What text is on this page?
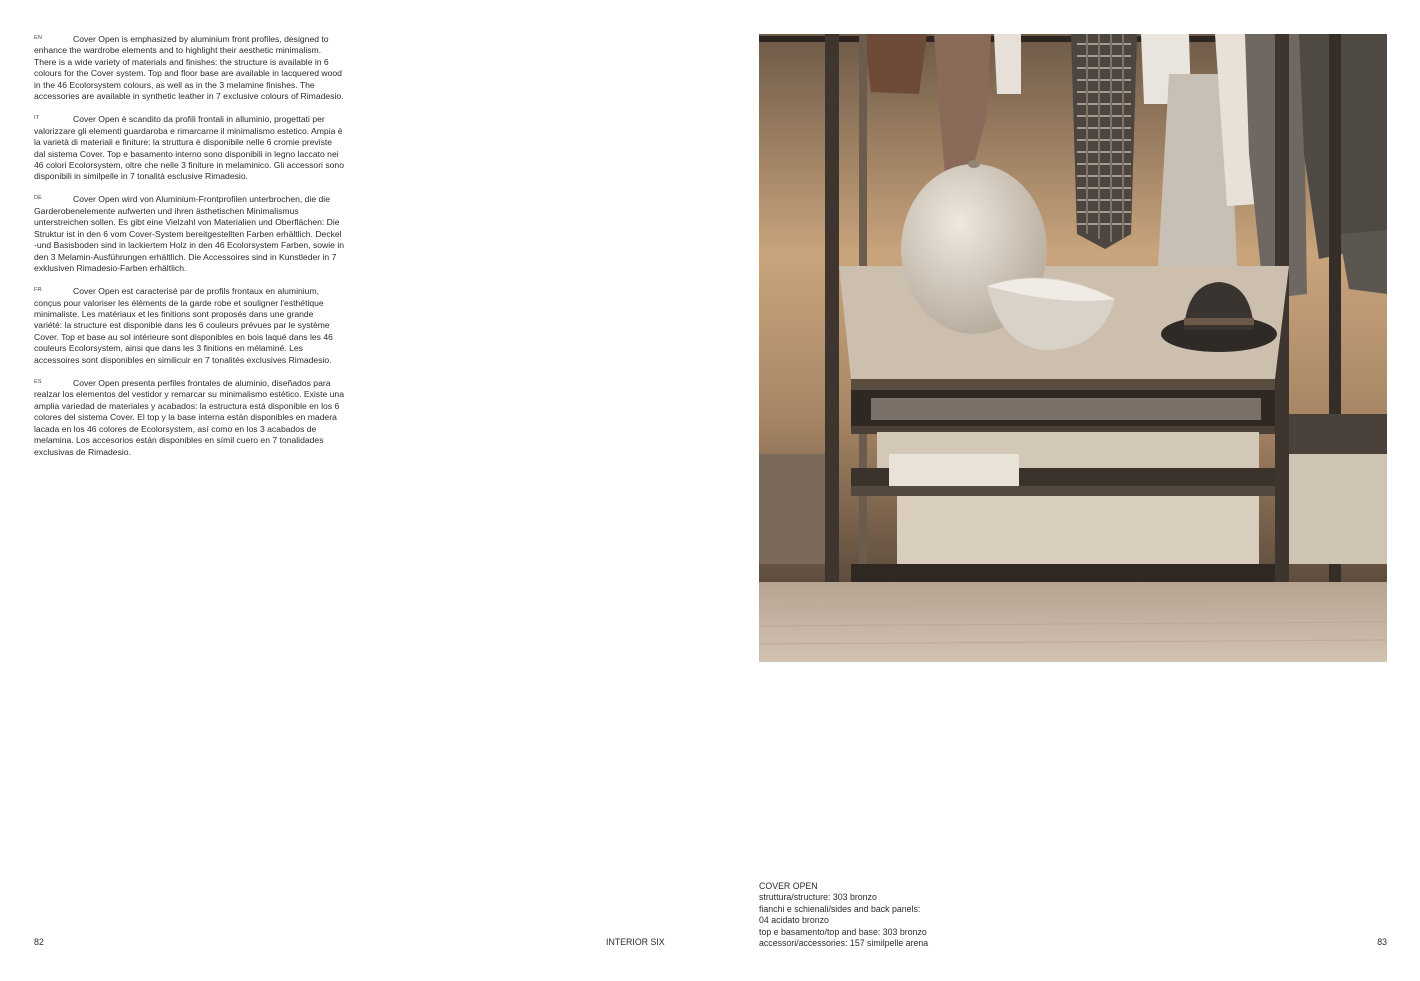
EN	Cover Open is emphasized by aluminium front profiles, designed to enhance the wardrobe elements and to highlight their aesthetic minimalism. There is a wide variety of materials and finishes: the structure is available in 6 colours for the Cover system. Top and floor base are available in lacquered wood in the 46 Ecolorsystem colours, as well as in the 3 melamine finishes. The accessories are available in synthetic leather in 7 exclusive colours of Rimadesio.

IT	Cover Open è scandito da profili frontali in alluminio, progettati per valorizzare gli elementi guardaroba e rimarcarne il minimalismo estetico. Ampia è la varietà di materiali e finiture: la struttura è disponibile nelle 6 cromie previste dal sistema Cover. Top e basamento interno sono disponibili in legno laccato nei 46 colori Ecolorsystem, oltre che nelle 3 finiture in melaminico. Gli accessori sono disponibili in similpelle in 7 tonalità esclusive Rimadesio.

DE	Cover Open wird von Aluminium-Frontprofilen unterbrochen, die die Garderobenelemente aufwerten und ihren ästhetischen Minimalismus unterstreichen sollen. Es gibt eine Vielzahl von Materialien und Oberflächen: Die Struktur ist in den 6 vom Cover-System bereitgestellten Farben erhältlich. Deckel -und Basisboden sind in lackiertem Holz in den 46 Ecolorsystem Farben, sowie in den 3 Melamin-Ausführungen erhältlich. Die Accessoires sind in Kunstleder in 7 exklusiven Rimadesio-Farben erhältlich.

FR	Cover Open est caracterisé par de profils frontaux en aluminium, conçus pour valoriser les éléments de la garde robe et souligner l'esthétique minimaliste. Les matériaux et les finitions sont proposés dans une grande variété: la structure est disponible dans les 6 couleurs prévues par le système Cover. Top et base au sol intérieure sont disponibles en bois laqué dans les 46 couleurs Ecolorsystem, ainsi que dans les 3 finitions en mélaminé. Les accessoires sont disponibles en similicuir en 7 tonalités exclusives Rimadesio.

ES	Cover Open presenta perfiles frontales de aluminio, diseñados para realzar los elementos del vestidor y remarcar su minimalismo estético. Existe una amplia variedad de materiales y acabados: la estructura está disponible en los 6 colores del sistema Cover. El top y la base interna están disponibles en madera lacada en los 46 colores de Ecolorsystem, así como en los 3 acabados de melamina. Los accesorios están disponibles en símil cuero en 7 tonalidades exclusivas de Rimadesio.

COVER OPEN
struttura/structure: 303 bronzo
fianchi e schienali/sides and back panels:
04 acidato bronzo
top e basamento/top and base: 303 bronzo
accessori/accessories: 157 similpelle arena
82	INTERIOR SIX	83
